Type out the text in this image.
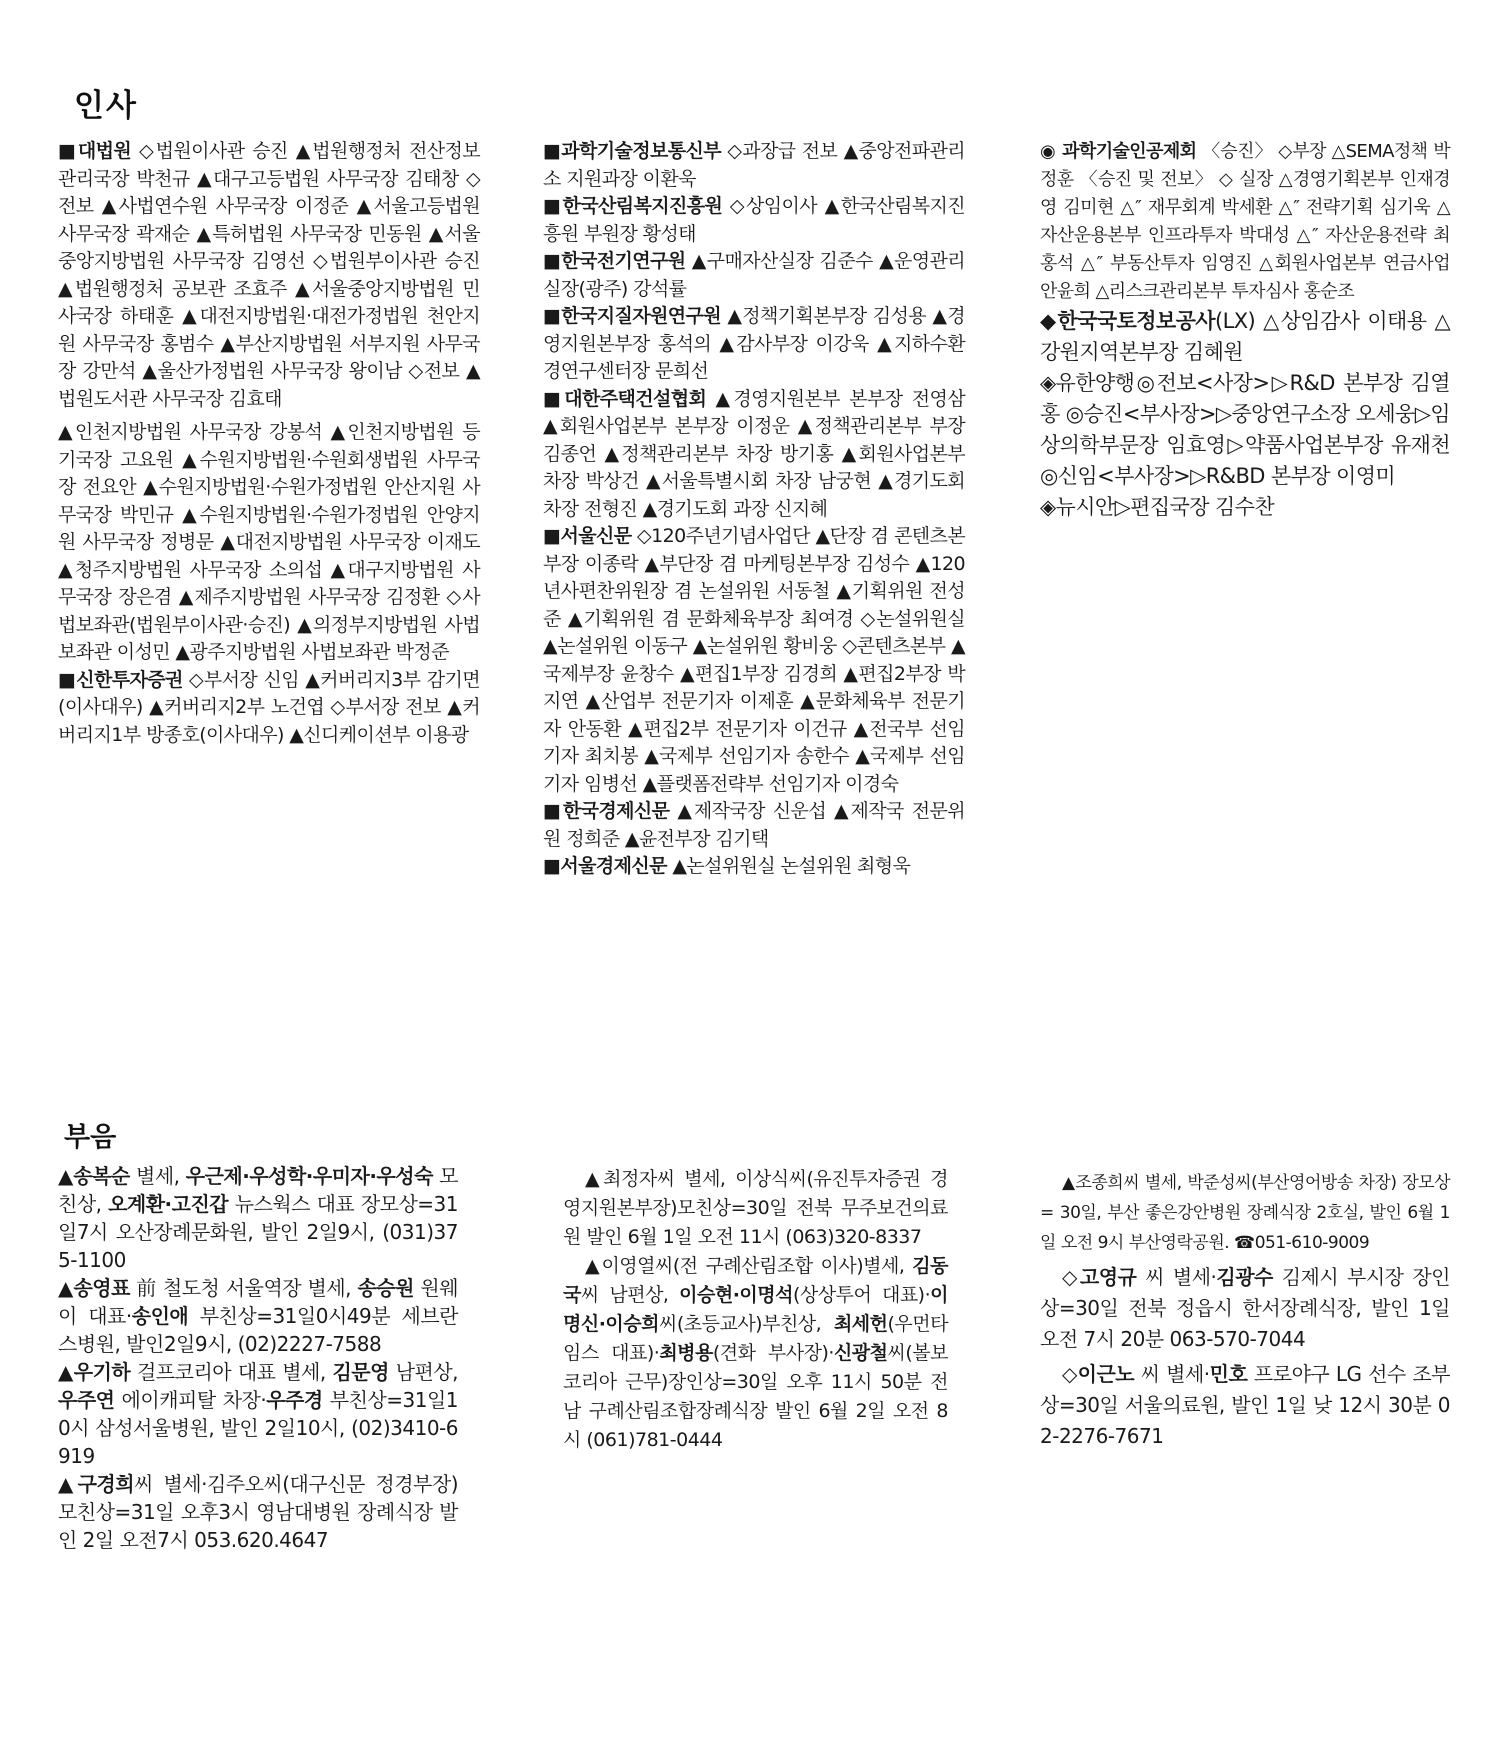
인사

■대법원 ◇법원이사관 승진 ▲법원행정처 전산정보관리국장 박천규 ▲대구고등법원 사무국장 김태창 ◇전보 ▲사법연수원 사무국장 이정준 ▲서울고등법원 사무국장 곽재순 ▲특허법원 사무국장 민동원 ▲서울중앙지방법원 사무국장 김영선 ◇법원부이사관 승진 ▲법원행정처 공보관 조효주 ▲서울중앙지방법원 민사국장 하태훈 ▲대전지방법원·대전가정법원 천안지원 사무국장 홍범수 ▲부산지방법원 서부지원 사무국장 강만석 ▲울산가정법원 사무국장 왕이남 ◇전보 ▲법원도서관 사무국장 김효태

▲인천지방법원 사무국장 강봉석 ▲인천지방법원 등기국장 고요원 ▲수원지방법원·수원회생법원 사무국장 전요안 ▲수원지방법원·수원가정법원 안산지원 사무국장 박민규 ▲수원지방법원·수원가정법원 안양지원 사무국장 정병문 ▲대전지방법원 사무국장 이재도 ▲청주지방법원 사무국장 소의섭 ▲대구지방법원 사무국장 장은겸 ▲제주지방법원 사무국장 김정환 ◇사법보좌관(법원부이사관·승진) ▲의정부지방법원 사법보좌관 이성민 ▲광주지방법원 사법보좌관 박정준

■신한투자증권 ◇부서장 신임 ▲커버리지3부 감기면(이사대우) ▲커버리지2부 노건엽 ◇부서장 전보 ▲커버리지1부 방종호(이사대우) ▲신디케이션부 이용광

■과학기술정보통신부 ◇과장급 전보 ▲중앙전파관리소 지원과장 이환욱

■한국산림복지진흥원 ◇상임이사 ▲한국산림복지진흥원 부원장 황성태

■한국전기연구원 ▲구매자산실장 김준수 ▲운영관리실장(광주) 강석률

■한국지질자원연구원 ▲정책기획본부장 김성용 ▲경영지원본부장 홍석의 ▲감사부장 이강욱 ▲지하수환경연구센터장 문희선

■대한주택건설협회 ▲경영지원본부 본부장 전영삼 ▲회원사업본부 본부장 이정운 ▲정책관리본부 부장 김종언 ▲정책관리본부 차장 방기홍 ▲회원사업본부 차장 박상건 ▲서울특별시회 차장 남궁현 ▲경기도회 차장 전형진 ▲경기도회 과장 신지혜

■서울신문 ◇120주년기념사업단 ▲단장 겸 콘텐츠본부장 이종락 ▲부단장 겸 마케팅본부장 김성수 ▲120년사편찬위원장 겸 논설위원 서동철 ▲기획위원 전성준 ▲기획위원 겸 문화체육부장 최여경 ◇논설위원실 ▲논설위원 이동구 ▲논설위원 황비웅 ◇콘텐츠본부 ▲국제부장 윤창수 ▲편집1부장 김경희 ▲편집2부장 박지연 ▲산업부 전문기자 이제훈 ▲문화체육부 전문기자 안동환 ▲편집2부 전문기자 이건규 ▲전국부 선임기자 최치봉 ▲국제부 선임기자 송한수 ▲국제부 선임기자 임병선 ▲플랫폼전략부 선임기자 이경숙

■한국경제신문 ▲제작국장 신운섭 ▲제작국 전문위원 정희준 ▲윤전부장 김기택

■서울경제신문 ▲논설위원실 논설위원 최형욱

◉ 과학기술인공제회 〈승진〉 ◇부장 △SEMA정책 박정훈 〈승진 및 전보〉 ◇ 실장 △경영기획본부 인재경영 김미현 △″ 재무회계 박세환 △″ 전략기획 심기욱 △자산운용본부 인프라투자 박대성 △″ 자산운용전략 최홍석 △″ 부동산투자 임영진 △회원사업본부 연금사업 안윤희 △리스크관리본부 투자심사 홍순조

◆한국국토정보공사(LX) △상임감사 이태용 △강원지역본부장 김혜원

◈유한양행◎전보<사장>▷R&D 본부장 김열홍 ◎승진<부사장>▷중앙연구소장 오세웅▷임상의학부문장 임효영▷약품사업본부장 유재천◎신임<부사장>▷R&BD 본부장 이영미

◈뉴시안▷편집국장 김수찬

부음

▲송복순 별세, 우근제·우성학·우미자·우성숙 모친상, 오계환·고진갑 뉴스웍스 대표 장모상=31일7시 오산장례문화원, 발인 2일9시, (031)375-1100

▲송영표 前 철도청 서울역장 별세, 송승원 원웨이 대표·송인애 부친상=31일0시49분 세브란스병원, 발인2일9시, (02)2227-7588

▲우기하 걸프코리아 대표 별세, 김문영 남편상, 우주연 에이캐피탈 차장·우주경 부친상=31일10시 삼성서울병원, 발인 2일10시, (02)3410-6919

▲구경희씨 별세·김주오씨(대구신문 정경부장) 모친상=31일 오후3시 영남대병원 장례식장 발인 2일 오전7시 053.620.4647

▲최정자씨 별세, 이상식씨(유진투자증권 경영지원본부장)모친상=30일 전북 무주보건의료원 발인 6월 1일 오전 11시 (063)320-8337

▲이영열씨(전 구례산림조합 이사)별세, 김동국씨 남편상, 이승현·이명석(상상투어 대표)·이명신·이승희씨(초등교사)부친상, 최세헌(우먼타임스 대표)·최병용(견화 부사장)·신광철씨(볼보코리아 근무)장인상=30일 오후 11시 50분 전남 구례산림조합장례식장 발인 6월 2일 오전 8시 (061)781-0444

▲조종희씨 별세, 박준성씨(부산영어방송 차장) 장모상 = 30일, 부산 좋은강안병원 장례식장 2호실, 발인 6월 1일 오전 9시 부산영락공원. ☎051-610-9009

◇고영규 씨 별세·김광수 김제시 부시장 장인상=30일 전북 정읍시 한서장례식장, 발인 1일 오전 7시 20분 063-570-7044

◇이근노 씨 별세·민호 프로야구 LG 선수 조부상=30일 서울의료원, 발인 1일 낮 12시 30분 02-2276-7671
